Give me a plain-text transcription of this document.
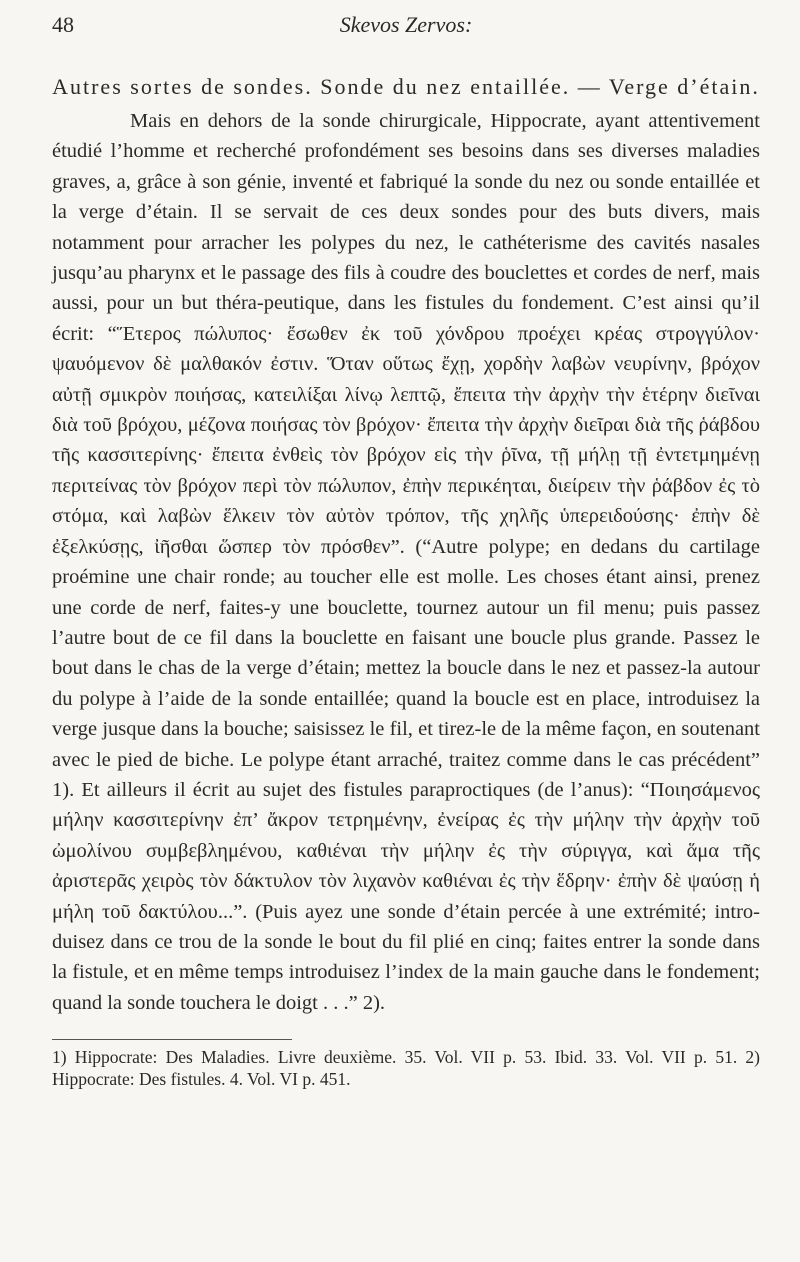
48	Skevos Zervos:
Autres sortes de sondes. Sonde du nez entaillée. — Verge d’étain.

Mais en dehors de la sonde chirurgicale, Hippocrate, ayant attentivement étudié l’homme et recherché profondément ses besoins dans ses diverses maladies graves, a, grâce à son génie, inventé et fabriqué la sonde du nez ou sonde entaillée et la verge d’étain. Il se servait de ces deux sondes pour des buts divers, mais notamment pour arracher les polypes du nez, le cathéterisme des cavités nasales jusqu’au pharynx et le passage des fils à coudre des bouclettes et cordes de nerf, mais aussi, pour un but théra-peutique, dans les fistules du fondement. C’est ainsi qu’il écrit: “Ἕτερος πώλυπος· ἔσωθεν ἐκ τοῦ χόνδρου προέχει κρέας στρογγύλον· ψαυόμενον δὲ μαλθακόν ἐστιν. Ὅταν οὕτως ἔχῃ, χορδὴν λαβὼν νευρίνην, βρόχον αὐτῇ σμικρὸν ποιήσας, κατειλίξαι λίνῳ λεπτῷ, ἔπειτα τὴν ἀρχὴν τὴν ἑτέρην διεῖναι διὰ τοῦ βρόχου, μέζονα ποιήσας τὸν βρόχον· ἔπειτα τὴν ἀρχὴν διεῖραι διὰ τῆς ῥάβδου τῆς κασσιτερίνης· ἔπειτα ἐνθεὶς τὸν βρόχον εἰς τὴν ῥῖνα, τῇ μήλῃ τῇ ἐντετμημένῃ περιτείνας τὸν βρόχον περὶ τὸν πώλυπον, ἐπὴν περικέηται, διείρειν τὴν ῥάβδον ἐς τὸ στόμα, καὶ λαβὼν ἕλκειν τὸν αὐτὸν τρόπον, τῆς χηλῆς ὑπερειδούσης· ἐπὴν δὲ ἐξελκύσῃς, ἰῆσθαι ὥσπερ τὸν πρόσθεν”. (“Autre polype; en dedans du cartilage proémine une chair ronde; au toucher elle est molle. Les choses étant ainsi, prenez une corde de nerf, faites-y une bouclette, tournez autour un fil menu; puis passez l’autre bout de ce fil dans la bouclette en faisant une boucle plus grande. Passez le bout dans le chas de la verge d’étain; mettez la boucle dans le nez et passez-la autour du polype à l’aide de la sonde entaillée; quand la boucle est en place, introduisez la verge jusque dans la bouche; saisissez le fil, et tirez-le de la même façon, en soutenant avec le pied de biche. Le polype étant arraché, traitez comme dans le cas précédent” 1). Et ailleurs il écrit au sujet des fistules paraproctiques (de l’anus): “Ποιησάμενος μήλην κασσιτερίνην ἐπ’ ἄκρον τετρημένην, ἐνείρας ἐς τὴν μήλην τὴν ἀρχὴν τοῦ ὠμολίνου συμβεβλημένου, καθιέναι τὴν μήλην ἐς τὴν σύριγγα, καὶ ἅμα τῆς ἀριστερᾶς χειρὸς τὸν δάκτυλον τὸν λιχανὸν καθιέναι ἐς τὴν ἕδρην· ἐπὴν δὲ ψαύσῃ ἡ μήλη τοῦ δακτύλου...”. (Puis ayez une sonde d’étain percée à une extrémité; intro-duisez dans ce trou de la sonde le bout du fil plié en cinq; faites entrer la sonde dans la fistule, et en même temps introduisez l’index de la main gauche dans le fondement; quand la sonde touchera le doigt . . .” 2).

1) Hippocrate: Des Maladies. Livre deuxième. 35. Vol. VII p. 53. Ibid. 33. Vol. VII p. 51. 2) Hippocrate: Des fistules. 4. Vol. VI p. 451.
